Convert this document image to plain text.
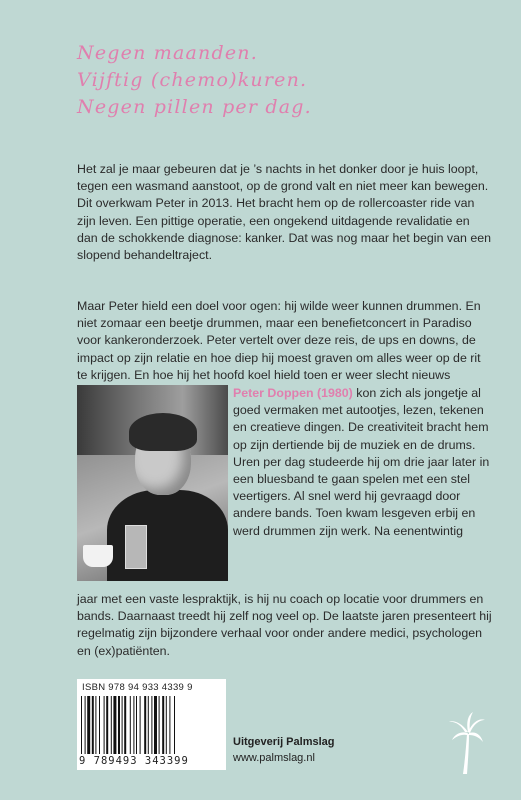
Negen maanden.
Vijftig (chemo)kuren.
Negen pillen per dag.

Het zal je maar gebeuren dat je ’s nachts in het donker door je huis loopt, tegen een wasmand aanstoot, op de grond valt en niet meer kan bewegen. Dit overkwam Peter in 2013. Het bracht hem op de rollercoaster ride van zijn leven. Een pittige operatie, een ongekend uitdagende revalidatie en dan de schokkende diagnose: kanker. Dat was nog maar het begin van een slopend behandeltraject.

Maar Peter hield een doel voor ogen: hij wilde weer kunnen drummen. En niet zomaar een beetje drummen, maar een benefietconcert in Paradiso voor kankeronderzoek. Peter vertelt over deze reis, de ups en downs, de impact op zijn relatie en hoe diep hij moest graven om alles weer op de rit te krijgen. En hoe hij het hoofd koel hield toen er weer slecht nieuws

Peter Doppen (1980) kon zich als jongetje al goed vermaken met autootjes, lezen, tekenen en creatieve dingen. De creativiteit bracht hem op zijn dertiende bij de muziek en de drums. Uren per dag studeerde hij om drie jaar later in een bluesband te gaan spelen met een stel veertigers. Al snel werd hij gevraagd door andere bands. Toen kwam lesgeven erbij en werd drummen zijn werk. Na eenentwintig
jaar met een vaste lespraktijk, is hij nu coach op locatie voor drummers en bands. Daarnaast treedt hij zelf nog veel op. De laatste jaren presenteert hij regelmatig zijn bijzondere verhaal voor onder andere medici, psychologen en (ex)patiënten.
ISBN 978 94 933 4339 9
9 789493 343399
Uitgeverij Palmslag
www.palmslag.nl
